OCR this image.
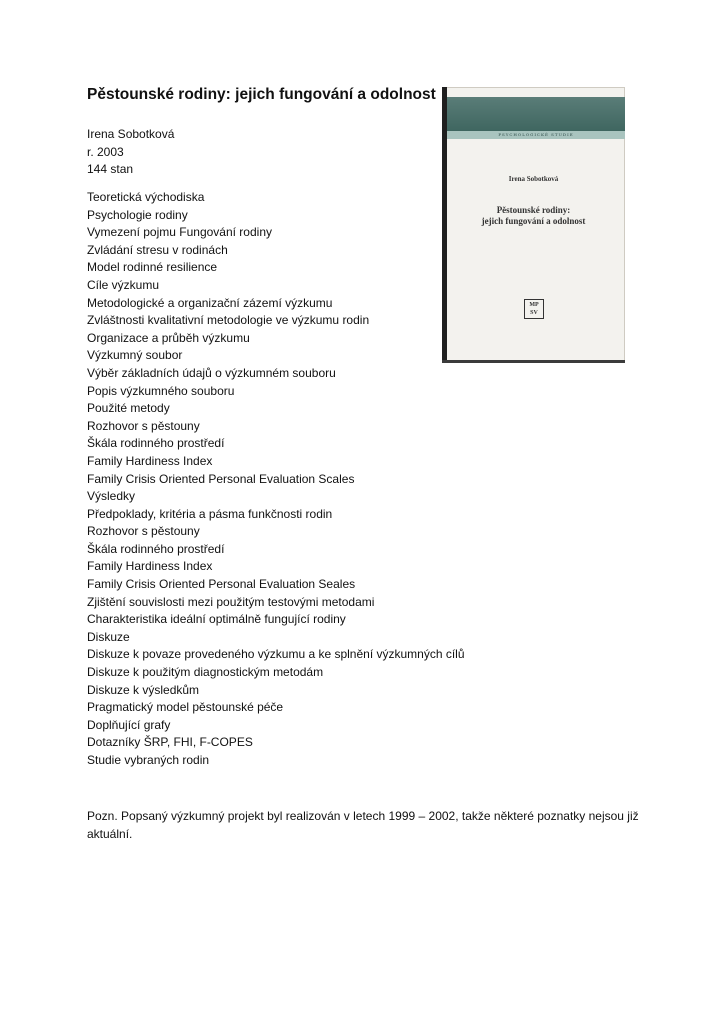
Pěstounské rodiny: jejich fungování a odolnost
Irena Sobotková
r. 2003
144 stan
Teoretická východiska
Psychologie rodiny
Vymezení pojmu Fungování rodiny
Zvládání stresu v rodinách
Model rodinné resilience
Cíle výzkumu
Metodologické a organizační zázemí výzkumu
Zvláštnosti kvalitativní metodologie ve výzkumu rodin
Organizace a průběh výzkumu
Výzkumný soubor
Výběr základních údajů o výzkumném souboru
Popis výzkumného souboru
Použité metody
Rozhovor s pěstouny
Škála rodinného prostředí
Family Hardiness Index
Family Crisis Oriented Personal Evaluation Scales
Výsledky
Předpoklady, kritéria a pásma funkčnosti rodin
Rozhovor s pěstouny
Škála rodinného prostředí
Family Hardiness Index
Family Crisis Oriented Personal Evaluation Seales
Zjištění souvislosti mezi použitým testovými metodami
Charakteristika ideální optimálně fungující rodiny
Diskuze
Diskuze k povaze provedeného výzkumu a ke splnění výzkumných cílů
Diskuze k použitým diagnostickým metodám
Diskuze k výsledkům
Pragmatický model pěstounské péče
Doplňující grafy
Dotazníky ŠRP, FHI, F-COPES
Studie vybraných rodin
Pozn. Popsaný výzkumný projekt byl realizován v letech 1999 – 2002, takže některé poznatky nejsou již aktuální.
PSYCHOLOGICKÉ STUDIE
Irena Sobotková
Pěstounské rodiny:
jejich fungování a odolnost
MP
SV
